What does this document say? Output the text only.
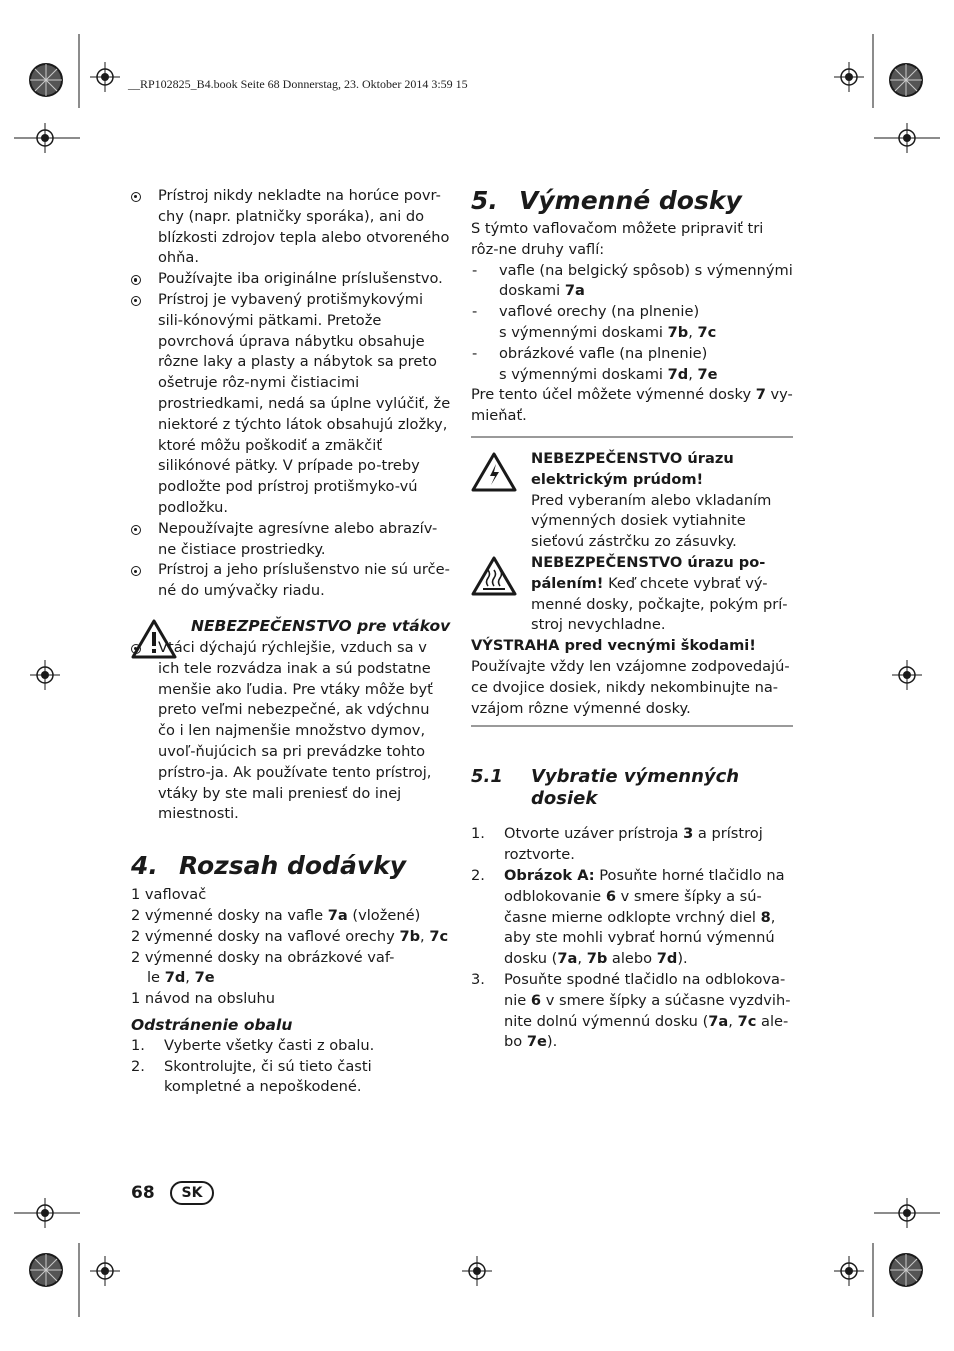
__RP102825_B4.book Seite 68 Donnerstag, 23. Oktober 2014 3:59 15
Prístroj nikdy nekladte na horúce povr-chy (napr. platničky sporáka), ani do blízkosti zdrojov tepla alebo otvoreného ohňa.
Používajte iba originálne príslušenstvo.
Prístroj je vybavený protišmykovými sili-kónovými pätkami. Pretože povrchová úprava nábytku obsahuje rôzne laky a plasty a nábytok sa preto ošetruje rôz-nymi čistiacimi prostriedkami, nedá sa úplne vylúčiť, že niektoré z týchto látok obsahujú zložky, ktoré môžu poškodiť a zmäkčiť silikónové pätky. V prípade po-treby podložte pod prístroj protišmyko-vú podložku.
Nepoužívajte agresívne alebo abrazív-ne čistiace prostriedky.
Prístroj a jeho príslušenstvo nie sú urče-né do umývačky riadu.
NEBEZPEČENSTVO pre vtákov
Vtáci dýchajú rýchlejšie, vzduch sa v ich tele rozvádza inak a sú podstatne menšie ako ľudia. Pre vtáky môže byť preto veľmi nebezpečné, ak vdýchnu čo i len najmenšie množstvo dymov, uvoľ-ňujúcich sa pri prevádzke tohto prístro-ja. Ak používate tento prístroj, vtáky by ste mali preniesť do inej miestnosti.
4. Rozsah dodávky
1 vaflovač
2 výmenné dosky na vafle 7a (vložené)
2 výmenné dosky na vaflové orechy 7b, 7c
2 výmenné dosky na obrázkové vaf-
le 7d, 7e
1 návod na obsluhu
Odstránenie obalu
1. Vyberte všetky časti z obalu.
2. Skontrolujte, či sú tieto časti kompletné a nepoškodené.
5. Výmenné dosky
S týmto vaflovačom môžete pripraviť tri rôz-ne druhy vaflí:
- vafle (na belgický spôsob) s výmennými doskami 7a
- vaflové orechy (na plnenie)
s výmennými doskami 7b, 7c
- obrázkové vafle (na plnenie)
s výmennými doskami 7d, 7e
Pre tento účel môžete výmenné dosky 7 vy-mieňať.
NEBEZPEČENSTVO úrazu elektrickým prúdom!
Pred vyberaním alebo vkladaním výmenných dosiek vytiahnite sieťovú zástrčku zo zásuvky.
NEBEZPEČENSTVO úrazu po-pálením! Keď chcete vybrať vý-menné dosky, počkajte, pokým prí-stroj nevychladne.
VÝSTRAHA pred vecnými škodami!
Používajte vždy len vzájomne zodpovedajú-ce dvojice dosiek, nikdy nekombinujte na-vzájom rôzne výmenné dosky.
5.1 Vybratie výmenných dosiek
1. Otvorte uzáver prístroja 3 a prístroj roztvorte.
2. Obrázok A: Posuňte horné tlačidlo na odblokovanie 6 v smere šípky a sú-časne mierne odklopte vrchný diel 8, aby ste mohli vybrať hornú výmennú dosku (7a, 7b alebo 7d).
3. Posuňte spodné tlačidlo na odblokova-nie 6 v smere šípky a súčasne vyzdvih-nite dolnú výmennú dosku (7a, 7c ale-bo 7e).
68	SK
